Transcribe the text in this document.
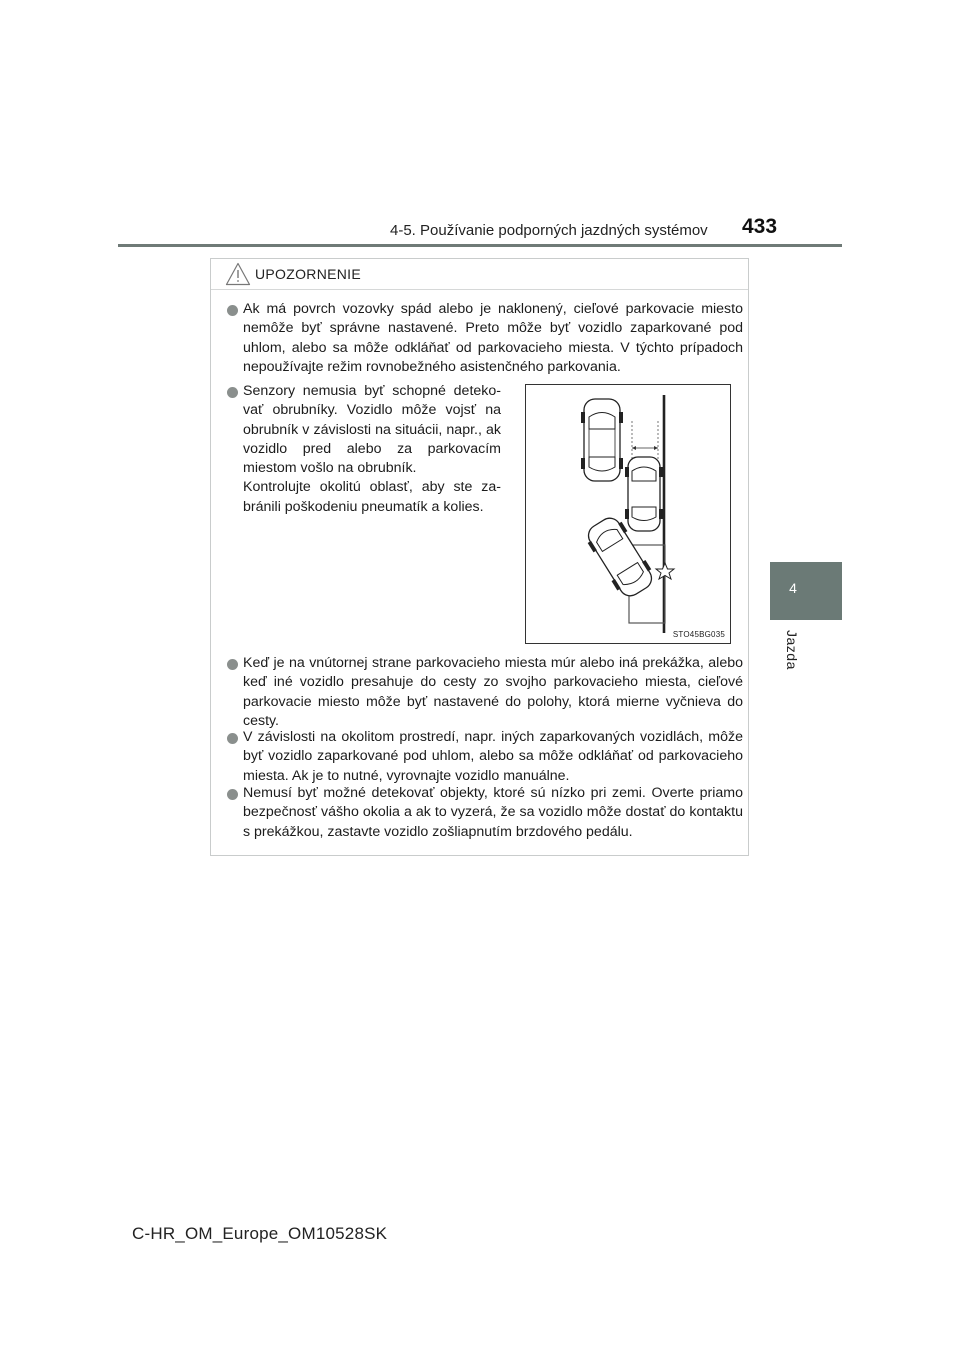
4-5. Používanie podporných jazdných systémov 433
4
Jazda
UPOZORNENIE
Ak má povrch vozovky spád alebo je naklonený, cieľové parkovacie miesto nemôže byť správne nastavené. Preto môže byť vozidlo zaparkované pod uhlom, alebo sa môže odkláňať od parkovacieho miesta. V týchto prípadoch nepoužívajte režim rovnobežného asistenčného parkovania.
Senzory nemusia byť schopné detekovať obrubníky. Vozidlo môže vojsť na obrubník v závislosti na situácii, napr., ak vozidlo pred alebo za parkovacím miestom vošlo na obrubník.
Kontrolujte okolitú oblasť, aby ste zabránili poškodeniu pneumatík a kolies.
Keď je na vnútornej strane parkovacieho miesta múr alebo iná prekážka, alebo keď iné vozidlo presahuje do cesty zo svojho parkovacieho miesta, cieľové parkovacie miesto môže byť nastavené do polohy, ktorá mierne vyčnieva do cesty.
V závislosti na okolitom prostredí, napr. iných zaparkovaných vozidlách, môže byť vozidlo zaparkované pod uhlom, alebo sa môže odkláňať od parkovacieho miesta. Ak je to nutné, vyrovnajte vozidlo manuálne.
Nemusí byť možné detekovať objekty, ktoré sú nízko pri zemi. Overte priamo bezpečnosť vášho okolia a ak to vyzerá, že sa vozidlo môže dostať do kontaktu s prekážkou, zastavte vozidlo zošliapnutím brzdového pedálu.
STO45BG035
C-HR_OM_Europe_OM10528SK
